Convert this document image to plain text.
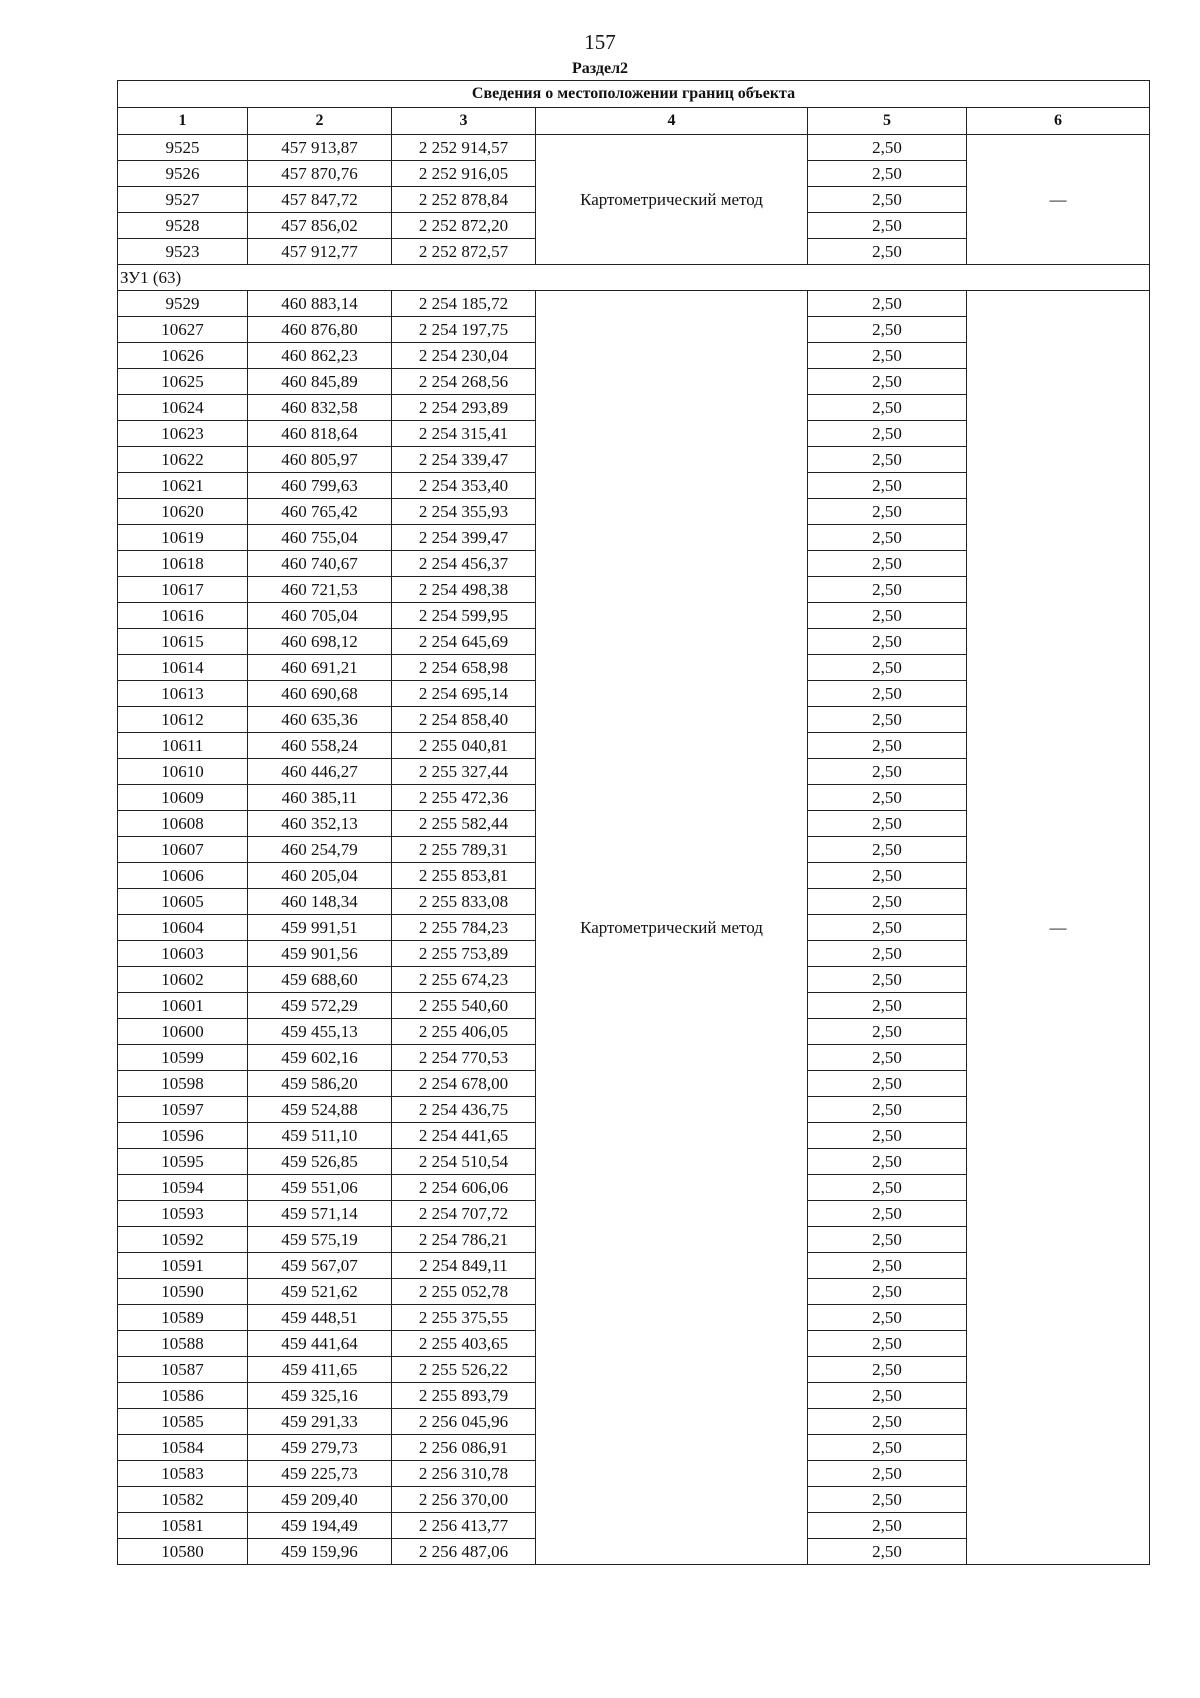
157
Раздел2
Сведения о местоположении границ объекта					
1	2	3	4	5	6
9525	457 913,87	2 252 914,57	Картометрический метод	2,50	—
9526	457 870,76	2 252 916,05		2,50	
9527	457 847,72	2 252 878,84		2,50	
9528	457 856,02	2 252 872,20		2,50	
9523	457 912,77	2 252 872,57		2,50	
ЗУ1 (63)					
9529	460 883,14	2 254 185,72	Картометрический метод	2,50	—
10627	460 876,80	2 254 197,75		2,50	
10626	460 862,23	2 254 230,04		2,50	
10625	460 845,89	2 254 268,56		2,50	
10624	460 832,58	2 254 293,89		2,50	
10623	460 818,64	2 254 315,41		2,50	
10622	460 805,97	2 254 339,47		2,50	
10621	460 799,63	2 254 353,40		2,50	
10620	460 765,42	2 254 355,93		2,50	
10619	460 755,04	2 254 399,47		2,50	
10618	460 740,67	2 254 456,37		2,50	
10617	460 721,53	2 254 498,38		2,50	
10616	460 705,04	2 254 599,95		2,50	
10615	460 698,12	2 254 645,69		2,50	
10614	460 691,21	2 254 658,98		2,50	
10613	460 690,68	2 254 695,14		2,50	
10612	460 635,36	2 254 858,40		2,50	
10611	460 558,24	2 255 040,81		2,50	
10610	460 446,27	2 255 327,44		2,50	
10609	460 385,11	2 255 472,36		2,50	
10608	460 352,13	2 255 582,44		2,50	
10607	460 254,79	2 255 789,31		2,50	
10606	460 205,04	2 255 853,81		2,50	
10605	460 148,34	2 255 833,08		2,50	
10604	459 991,51	2 255 784,23		2,50	
10603	459 901,56	2 255 753,89		2,50	
10602	459 688,60	2 255 674,23		2,50	
10601	459 572,29	2 255 540,60		2,50	
10600	459 455,13	2 255 406,05		2,50	
10599	459 602,16	2 254 770,53		2,50	
10598	459 586,20	2 254 678,00		2,50	
10597	459 524,88	2 254 436,75		2,50	
10596	459 511,10	2 254 441,65		2,50	
10595	459 526,85	2 254 510,54		2,50	
10594	459 551,06	2 254 606,06		2,50	
10593	459 571,14	2 254 707,72		2,50	
10592	459 575,19	2 254 786,21		2,50	
10591	459 567,07	2 254 849,11		2,50	
10590	459 521,62	2 255 052,78		2,50	
10589	459 448,51	2 255 375,55		2,50	
10588	459 441,64	2 255 403,65		2,50	
10587	459 411,65	2 255 526,22		2,50	
10586	459 325,16	2 255 893,79		2,50	
10585	459 291,33	2 256 045,96		2,50	
10584	459 279,73	2 256 086,91		2,50	
10583	459 225,73	2 256 310,78		2,50	
10582	459 209,40	2 256 370,00		2,50	
10581	459 194,49	2 256 413,77		2,50	
10580	459 159,96	2 256 487,06		2,50	
